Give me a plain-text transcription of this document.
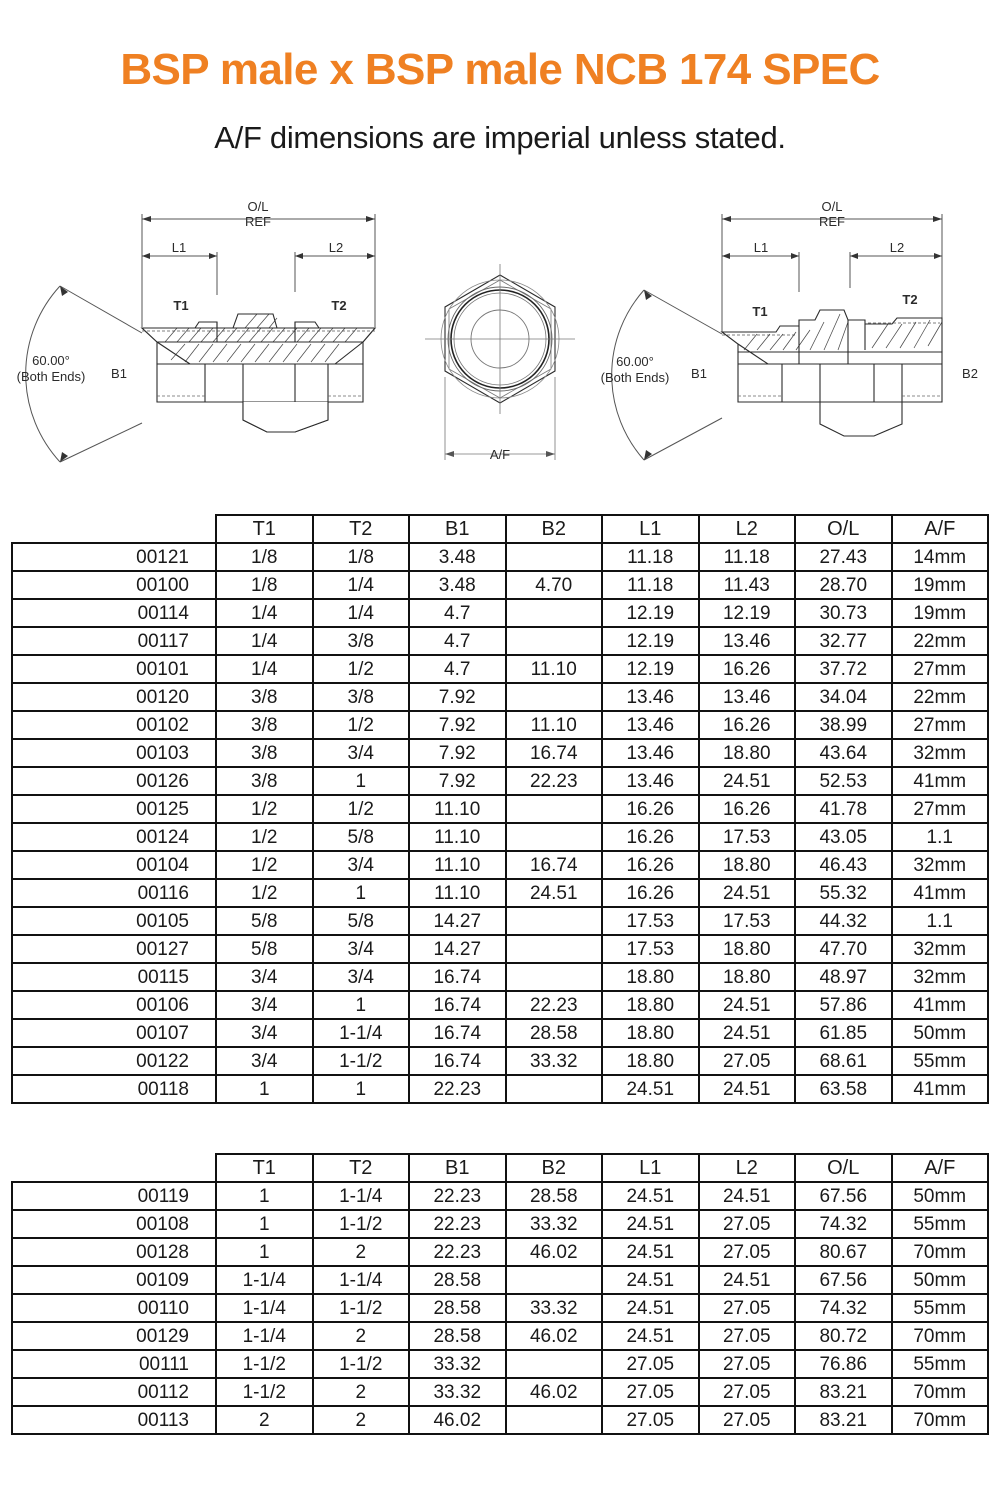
BSP male x BSP male NCB 174 SPEC
A/F dimensions are imperial unless stated.
O/L
REF
L1	L2
60.00°
(Both Ends) B1
T1	T2
A/F
O/L
REF
L1	L2
60.00°
(Both Ends) B1	B2
T1
T2
	T1	T2	B1	B2	L1	L2	O/L	A/F
00121	1/8	1/8	3.48		11.18	11.18	27.43	14mm
00100	1/8	1/4	3.48	4.70	11.18	11.43	28.70	19mm
00114	1/4	1/4	4.7		12.19	12.19	30.73	19mm
00117	1/4	3/8	4.7		12.19	13.46	32.77	22mm
00101	1/4	1/2	4.7	11.10	12.19	16.26	37.72	27mm
00120	3/8	3/8	7.92		13.46	13.46	34.04	22mm
00102	3/8	1/2	7.92	11.10	13.46	16.26	38.99	27mm
00103	3/8	3/4	7.92	16.74	13.46	18.80	43.64	32mm
00126	3/8	1	7.92	22.23	13.46	24.51	52.53	41mm
00125	1/2	1/2	11.10		16.26	16.26	41.78	27mm
00124	1/2	5/8	11.10		16.26	17.53	43.05	1.1
00104	1/2	3/4	11.10	16.74	16.26	18.80	46.43	32mm
00116	1/2	1	11.10	24.51	16.26	24.51	55.32	41mm
00105	5/8	5/8	14.27		17.53	17.53	44.32	1.1
00127	5/8	3/4	14.27		17.53	18.80	47.70	32mm
00115	3/4	3/4	16.74		18.80	18.80	48.97	32mm
00106	3/4	1	16.74	22.23	18.80	24.51	57.86	41mm
00107	3/4	1-1/4	16.74	28.58	18.80	24.51	61.85	50mm
00122	3/4	1-1/2	16.74	33.32	18.80	27.05	68.61	55mm
00118	1	1	22.23		24.51	24.51	63.58	41mm
	T1	T2	B1	B2	L1	L2	O/L	A/F
00119	1	1-1/4	22.23	28.58	24.51	24.51	67.56	50mm
00108	1	1-1/2	22.23	33.32	24.51	27.05	74.32	55mm
00128	1	2	22.23	46.02	24.51	27.05	80.67	70mm
00109	1-1/4	1-1/4	28.58		24.51	24.51	67.56	50mm
00110	1-1/4	1-1/2	28.58	33.32	24.51	27.05	74.32	55mm
00129	1-1/4	2	28.58	46.02	24.51	27.05	80.72	70mm
00111	1-1/2	1-1/2	33.32		27.05	27.05	76.86	55mm
00112	1-1/2	2	33.32	46.02	27.05	27.05	83.21	70mm
00113	2	2	46.02		27.05	27.05	83.21	70mm
